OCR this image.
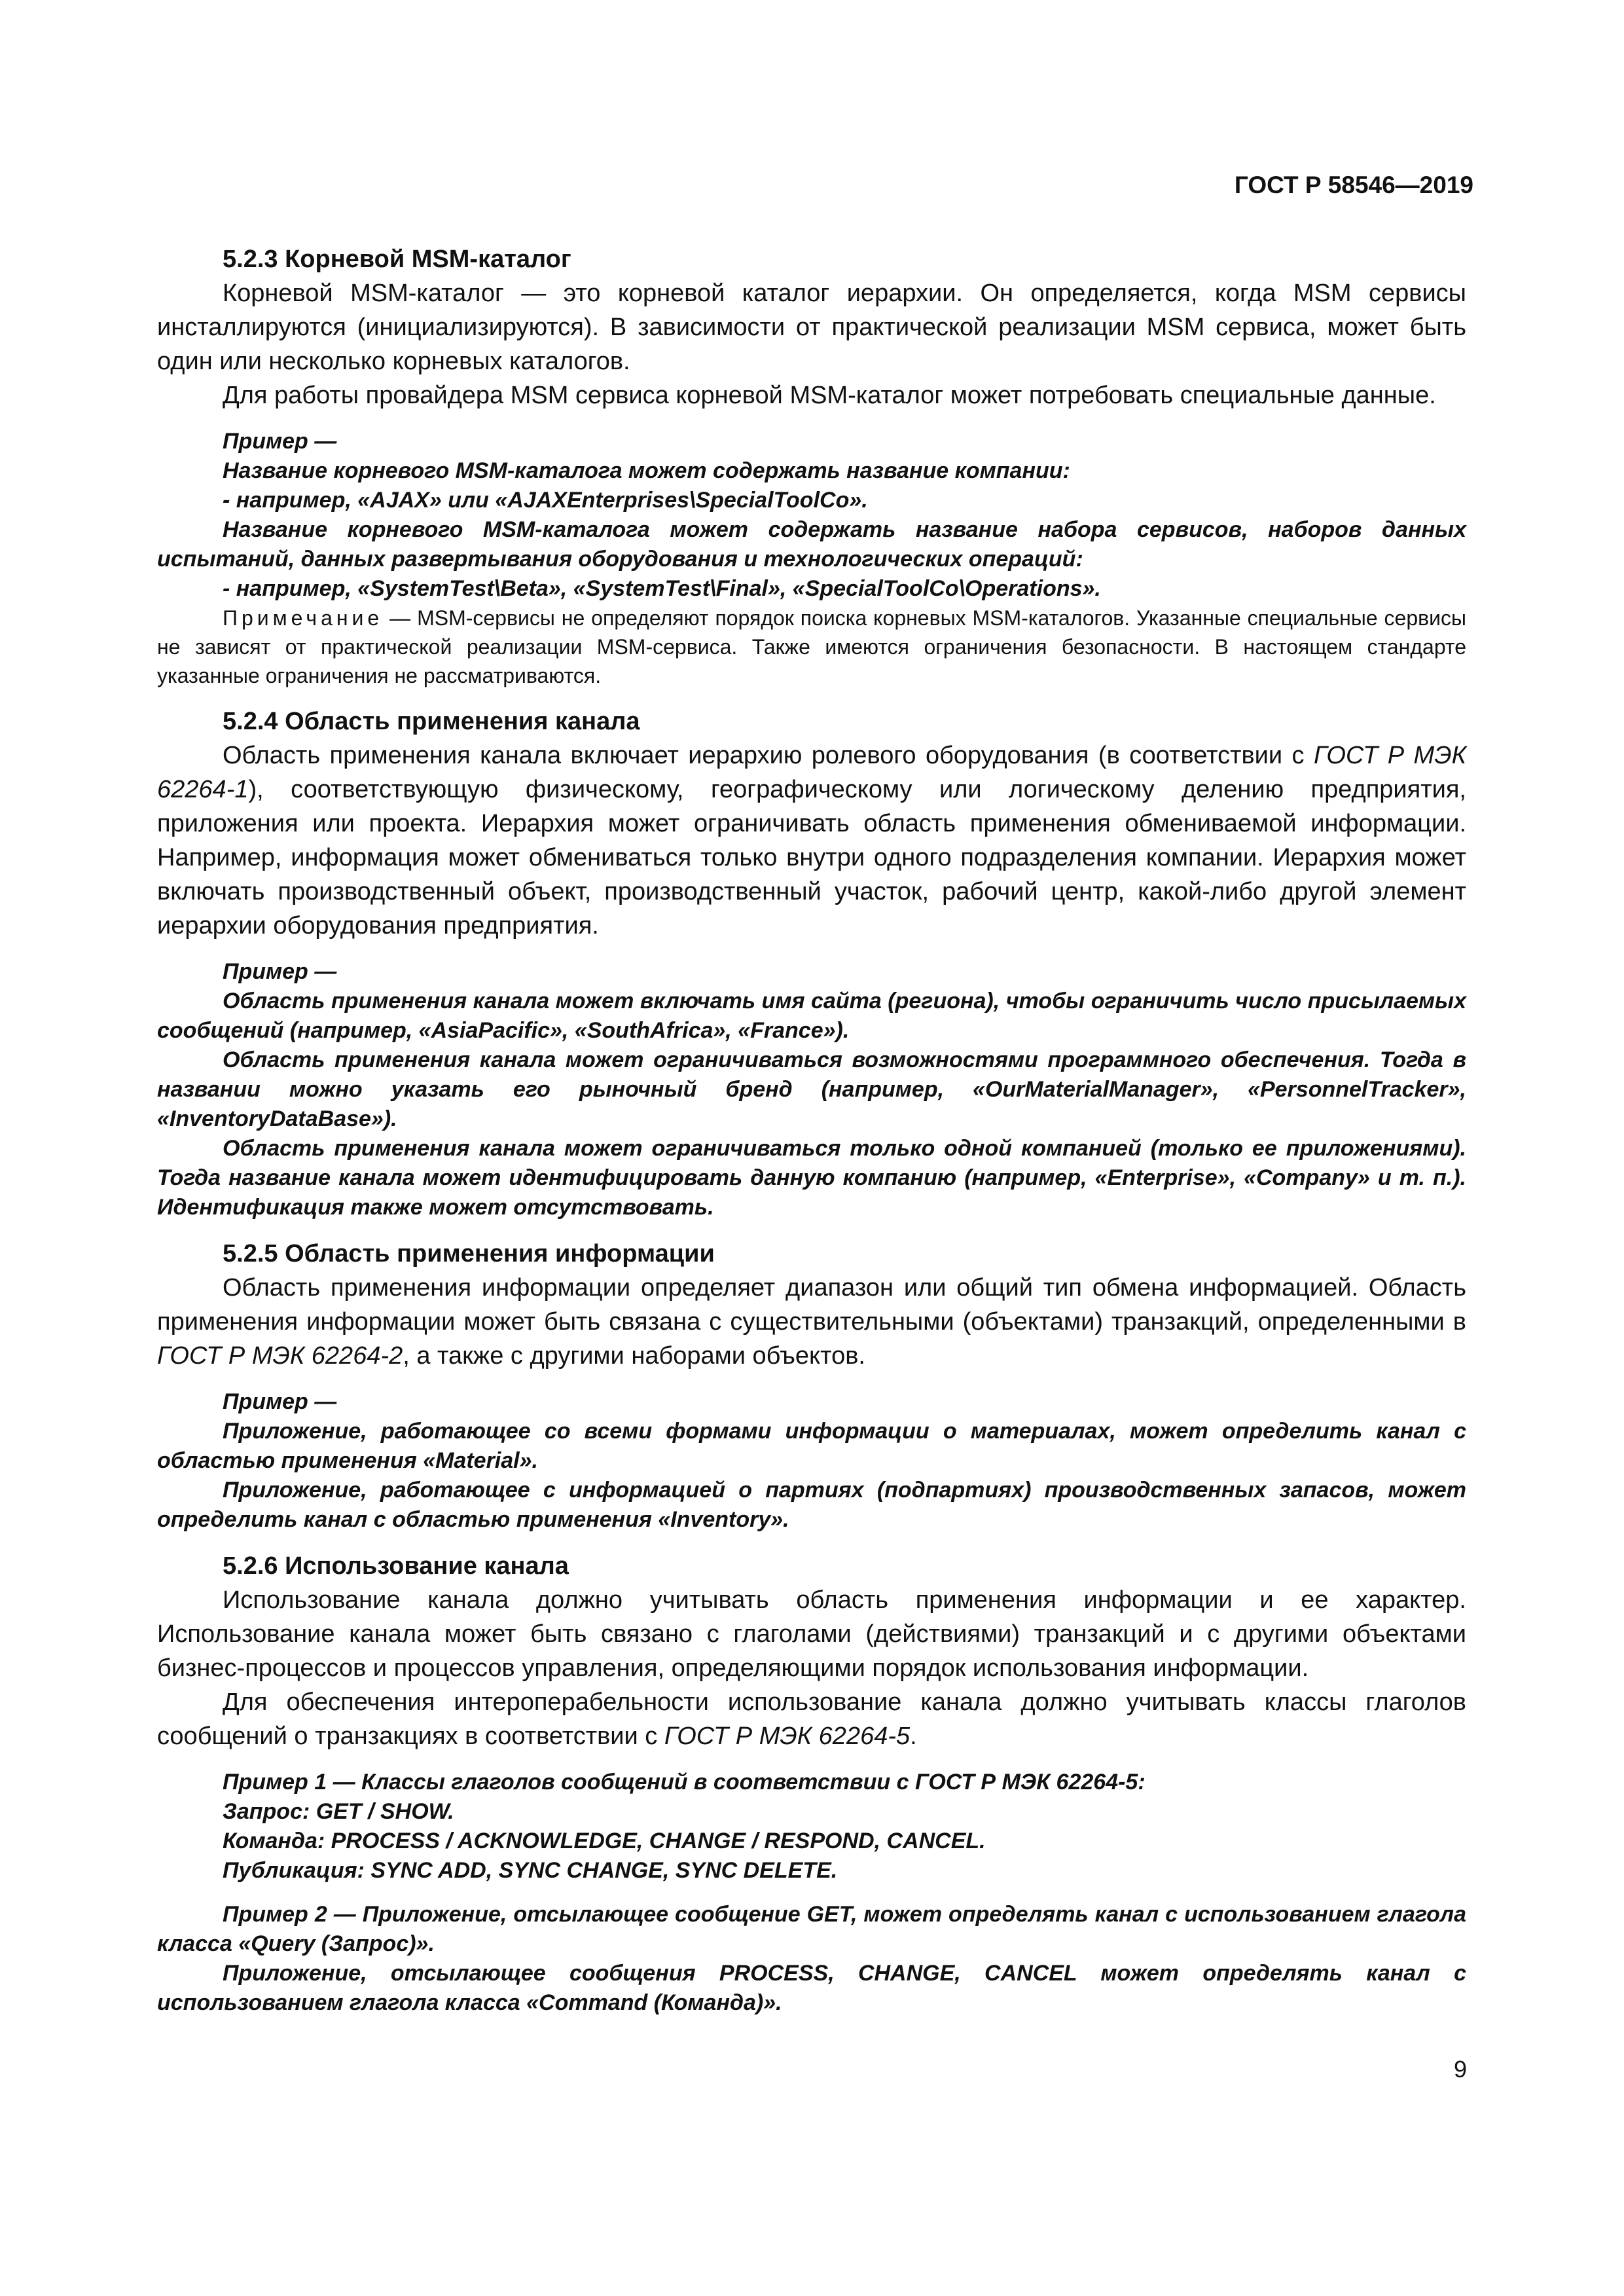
ГОСТ Р 58546—2019

5.2.3 Корневой MSM-каталог

Корневой MSM-каталог — это корневой каталог иерархии. Он определяется, когда MSM сервисы инсталлируются (инициализируются). В зависимости от практической реализации MSM сервиса, может быть один или несколько корневых каталогов.

Для работы провайдера MSM сервиса корневой MSM-каталог может потребовать специальные данные.

Пример —

Название корневого MSM-каталога может содержать название компании:

- например, «AJAX» или «AJAXEnterprises\SpecialToolCo».

Название корневого MSM-каталога может содержать название набора сервисов, наборов данных испытаний, данных развертывания оборудования и технологических операций:

- например, «SystemTest\Beta», «SystemTest\Final», «SpecialToolCo\Operations».

Примечание — MSM-сервисы не определяют порядок поиска корневых MSM-каталогов. Указанные специальные сервисы не зависят от практической реализации MSM-сервиса. Также имеются ограничения безопасности. В настоящем стандарте указанные ограничения не рассматриваются.

5.2.4 Область применения канала

Область применения канала включает иерархию ролевого оборудования (в соответствии с ГОСТ Р МЭК 62264-1), соответствующую физическому, географическому или логическому делению предприятия, приложения или проекта. Иерархия может ограничивать область применения обмениваемой информации. Например, информация может обмениваться только внутри одного подразделения компании. Иерархия может включать производственный объект, производственный участок, рабочий центр, какой-либо другой элемент иерархии оборудования предприятия.

Пример —

Область применения канала может включать имя сайта (региона), чтобы ограничить число присылаемых сообщений (например, «AsiaPacific», «SouthAfrica», «France»).

Область применения канала может ограничиваться возможностями программного обеспечения. Тогда в названии можно указать его рыночный бренд (например, «OurMaterialManager», «PersonnelTracker», «InventoryDataBase»).

Область применения канала может ограничиваться только одной компанией (только ее приложениями). Тогда название канала может идентифицировать данную компанию (например, «Enterprise», «Company» и т. п.). Идентификация также может отсутствовать.

5.2.5 Область применения информации

Область применения информации определяет диапазон или общий тип обмена информацией. Область применения информации может быть связана с существительными (объектами) транзакций, определенными в ГОСТ Р МЭК 62264-2, а также с другими наборами объектов.

Пример —

Приложение, работающее со всеми формами информации о материалах, может определить канал с областью применения «Material».

Приложение, работающее с информацией о партиях (подпартиях) производственных запасов, может определить канал с областью применения «Inventory».

5.2.6 Использование канала

Использование канала должно учитывать область применения информации и ее характер. Использование канала может быть связано с глаголами (действиями) транзакций и с другими объектами бизнес-процессов и процессов управления, определяющими порядок использования информации.

Для обеспечения интероперабельности использование канала должно учитывать классы глаголов сообщений о транзакциях в соответствии с ГОСТ Р МЭК 62264-5.

Пример 1 — Классы глаголов сообщений в соответствии с ГОСТ Р МЭК 62264-5:

Запрос: GET / SHOW.

Команда: PROCESS / ACKNOWLEDGE, CHANGE / RESPOND, CANCEL.

Публикация: SYNC ADD, SYNC CHANGE, SYNC DELETE.

Пример 2 — Приложение, отсылающее сообщение GET, может определять канал с использованием глагола класса «Query (Запрос)».

Приложение, отсылающее сообщения PROCESS, CHANGE, CANCEL может определять канал с использованием глагола класса «Command (Команда)».

9
